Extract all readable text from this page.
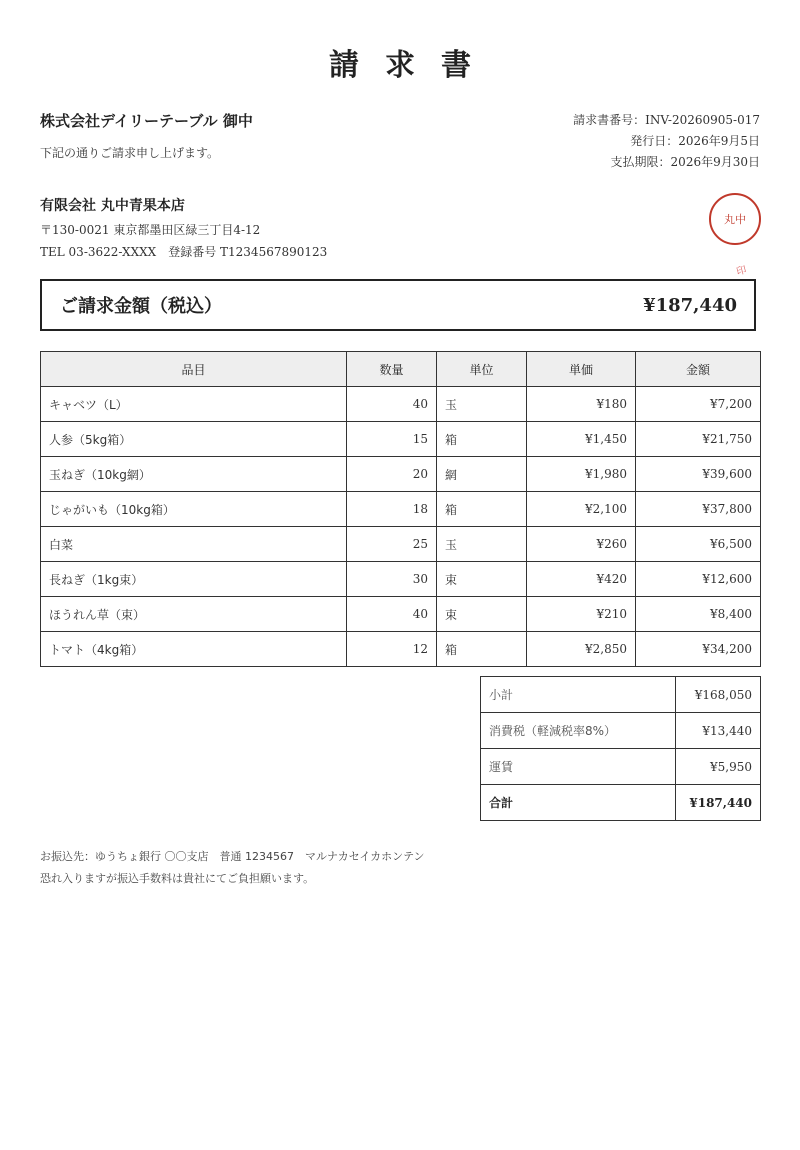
請求書
株式会社デイリーテーブル 御中
下記の通りご請求申し上げます。
請求書番号：INV-20260905-017
発行日：2026年9月5日
支払期限：2026年9月30日
有限会社 丸中青果本店
〒130-0021 東京都墨田区緑三丁目4-12
TEL 03-3622-XXXX　登録番号 T1234567890123
丸中
印
ご請求金額（税込）	¥187,440
品目	数量	単位	単価	金額
キャベツ（L）	40	玉	¥180	¥7,200
人参（5kg箱）	15	箱	¥1,450	¥21,750
玉ねぎ（10kg網）	20	網	¥1,980	¥39,600
じゃがいも（10kg箱）	18	箱	¥2,100	¥37,800
白菜	25	玉	¥260	¥6,500
長ねぎ（1kg束）	30	束	¥420	¥12,600
ほうれん草（束）	40	束	¥210	¥8,400
トマト（4kg箱）	12	箱	¥2,850	¥34,200
小計	¥168,050
消費税（軽減税率8%）	¥13,440
運賃	¥5,950
合計	¥187,440
お振込先：ゆうちょ銀行 〇〇支店　普通 1234567　マルナカセイカホンテン
恐れ入りますが振込手数料は貴社にてご負担願います。
